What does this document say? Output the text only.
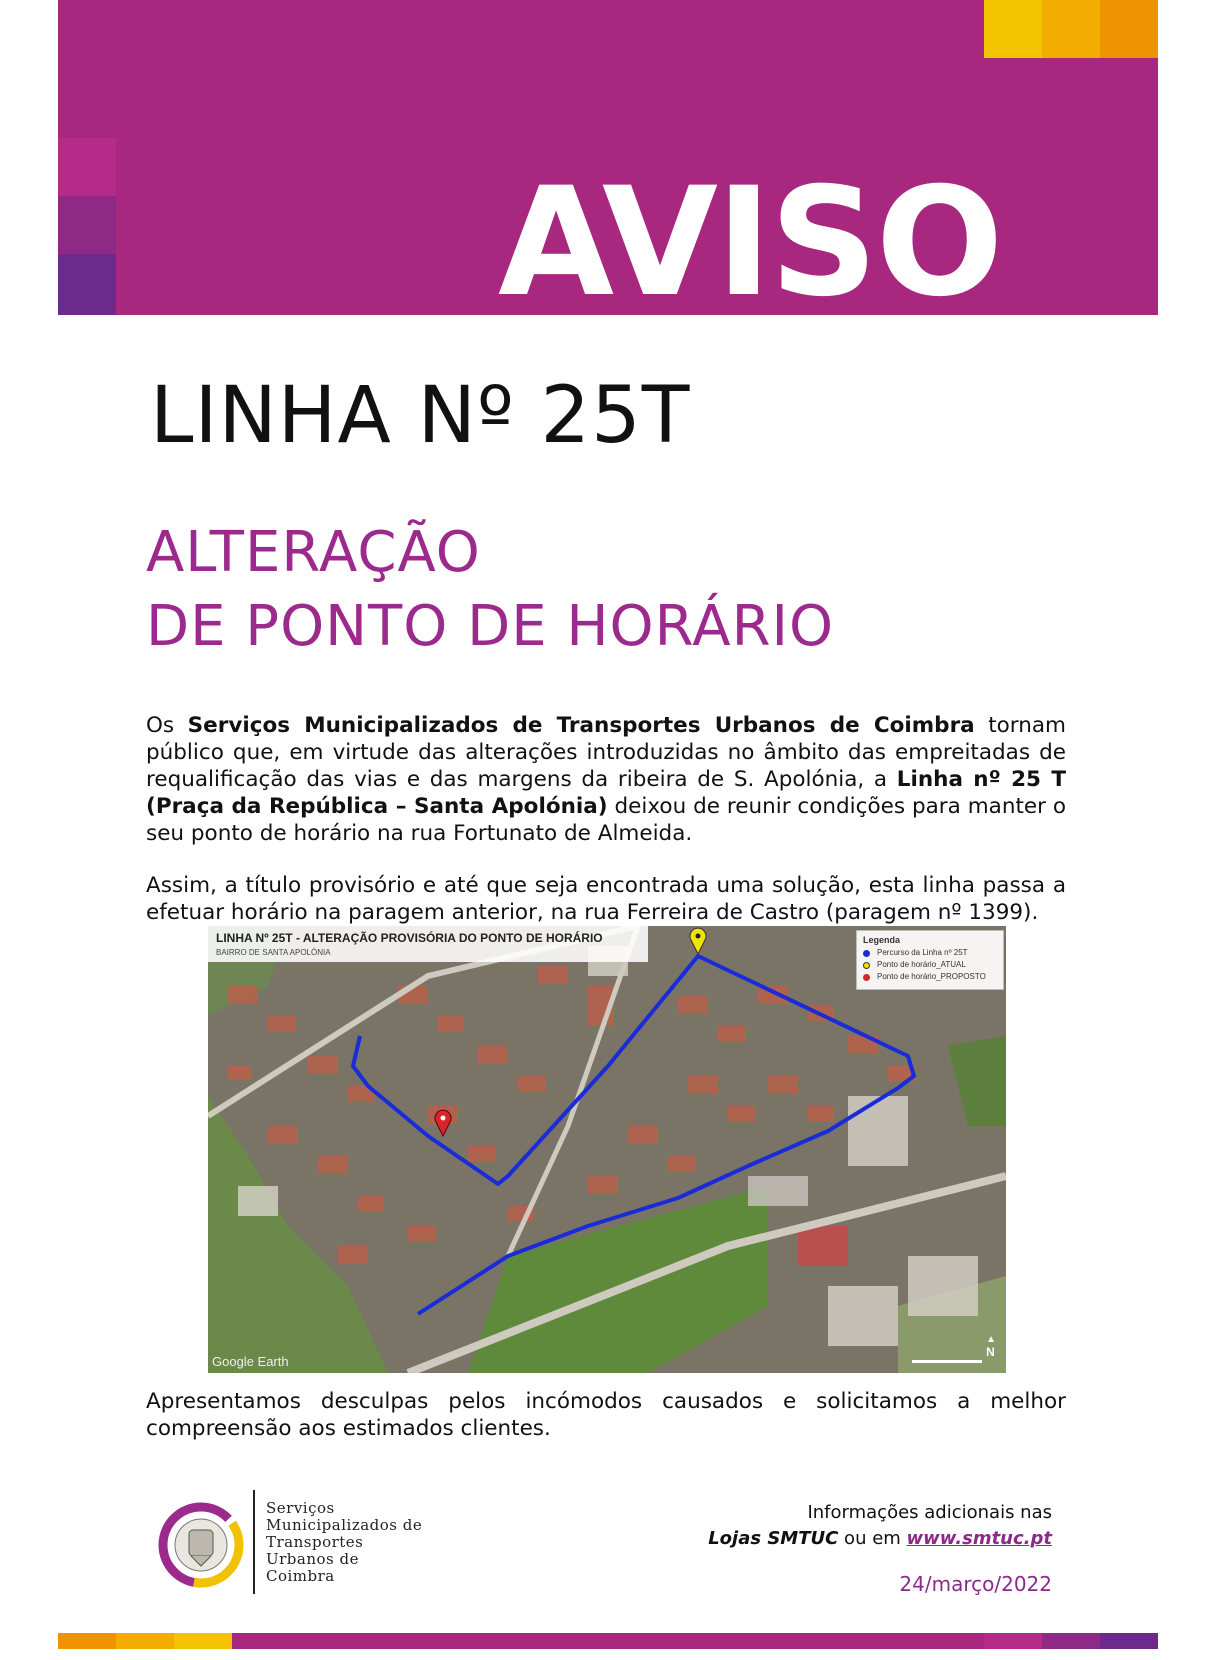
AVISO
LINHA Nº 25T
ALTERAÇÃO
DE PONTO DE HORÁRIO
Os Serviços Municipalizados de Transportes Urbanos de Coimbra tornam público que, em virtude das alterações introduzidas no âmbito das empreitadas de requalificação das vias e das margens da ribeira de S. Apolónia, a Linha nº 25 T (Praça da República – Santa Apolónia) deixou de reunir condições para manter o seu ponto de horário na rua Fortunato de Almeida.
Assim, a título provisório e até que seja encontrada uma solução, esta linha passa a efetuar horário na paragem anterior, na rua Ferreira de Castro (paragem nº 1399).
LINHA Nº 25T - ALTERAÇÃO PROVISÓRIA DO PONTO DE HORÁRIO
BAIRRO DE SANTA APOLÓNIA
Legenda
Percurso da Linha nº 25T
Ponto de horário_ATUAL
Ponto de horário_PROPOSTO
Google Earth
▲
N
Apresentamos desculpas pelos incómodos causados e solicitamos a melhor compreensão aos estimados clientes.
Serviços
Municipalizados de
Transportes
Urbanos de
Coimbra
Informações adicionais nas
Lojas SMTUC ou em www.smtuc.pt
24/março/2022
